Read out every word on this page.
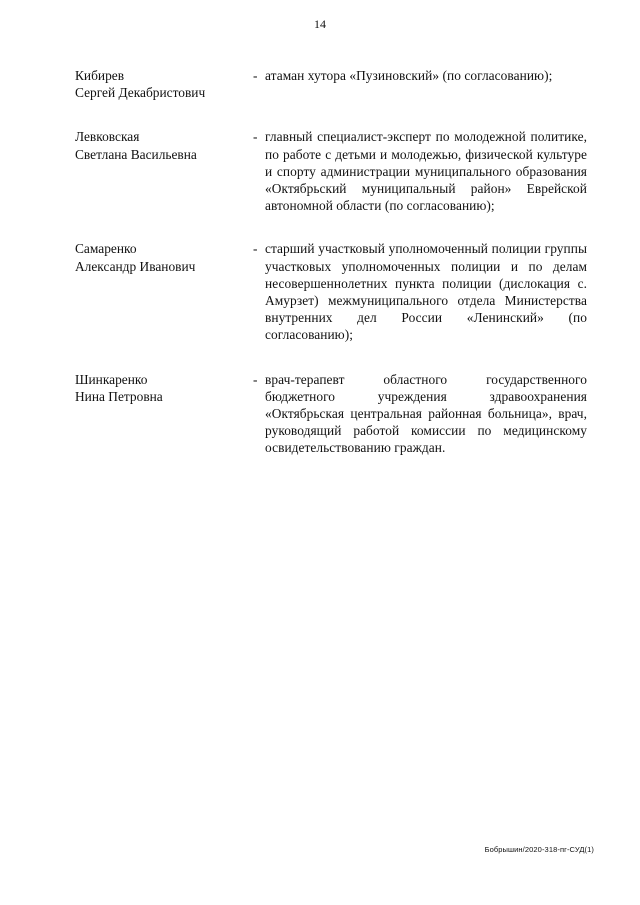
14
Кибирев
Сергей Декабристович
- атаман хутора «Пузиновский» (по согласованию);
Левковская
Светлана Васильевна
- главный специалист-эксперт по молодежной политике, по работе с детьми и молодежью, физической культуре и спорту администрации муниципального образования «Октябрьский муниципальный район» Еврейской автономной области (по согласованию);
Самаренко
Александр Иванович
- старший участковый уполномоченный полиции группы участковых уполномоченных полиции и по делам несовершеннолетних пункта полиции (дислокация с. Амурзет) межмуниципального отдела Министерства внутренних дел России «Ленинский» (по согласованию);
Шинкаренко
Нина Петровна
- врач-терапевт областного государственного бюджетного учреждения здравоохранения «Октябрьская центральная районная больница», врач, руководящий работой комиссии по медицинскому освидетельствованию граждан.
Бобрышин/2020-318-пг-СУД(1)
